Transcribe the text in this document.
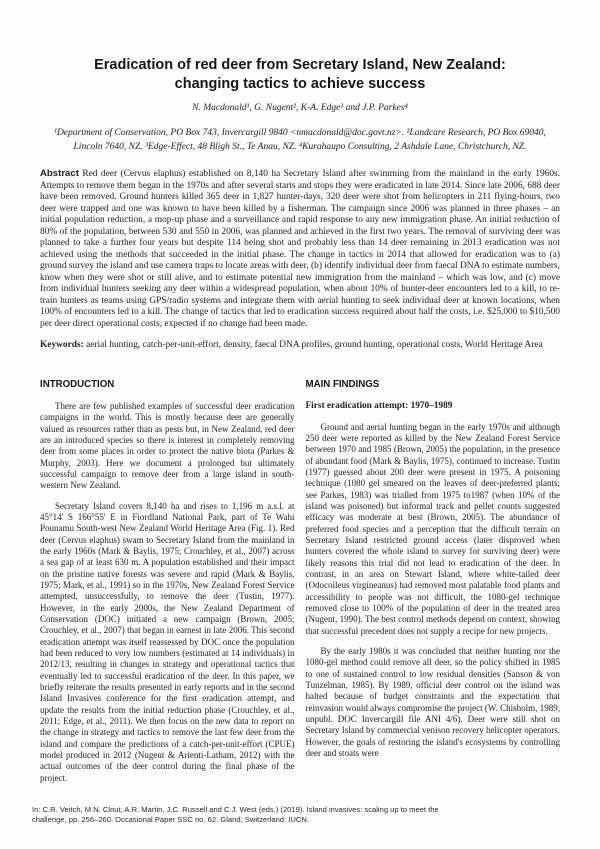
Eradication of red deer from Secretary Island, New Zealand: changing tactics to achieve success
N. Macdonald¹, G. Nugent², K-A. Edge³ and J.P. Parkes⁴
¹Department of Conservation, PO Box 743, Invercargill 9840 <nmacdonald@doc.govt.nz>. ²Landcare Research, PO Box 69040, Lincoln 7640, NZ. ³Edge-Effect, 48 Bligh St., Te Anau, NZ. ⁴Kurahaupo Consulting, 2 Ashdale Lane, Christchurch, NZ.
Abstract Red deer (Cervus elaphus) established on 8,140 ha Secretary Island after swimming from the mainland in the early 1960s. Attempts to remove them began in the 1970s and after several starts and stops they were eradicated in late 2014. Since late 2006, 688 deer have been removed. Ground hunters killed 365 deer in 1,827 hunter-days, 320 deer were shot from helicopters in 211 flying-hours, two deer were trapped and one was known to have been killed by a fisherman. The campaign since 2006 was planned in three phases – an initial population reduction, a mop-up phase and a surveillance and rapid response to any new immigration phase. An initial reduction of 80% of the population, between 530 and 550 in 2006, was planned and achieved in the first two years. The removal of surviving deer was planned to take a further four years but despite 114 being shot and probably less than 14 deer remaining in 2013 eradication was not achieved using the methods that succeeded in the initial phase. The change in tactics in 2014 that allowed for eradication was to (a) ground survey the island and use camera traps to locate areas with deer, (b) identify individual deer from faecal DNA to estimate numbers, know when they were shot or still alive, and to estimate potential new immigration from the mainland – which was low, and (c) move from individual hunters seeking any deer within a widespread population, when about 10% of hunter-deer encounters led to a kill, to re-train hunters as teams using GPS/radio systems and integrate them with aerial hunting to seek individual deer at known locations, when 100% of encounters led to a kill. The change of tactics that led to eradication success required about half the costs, i.e. $25,000 to $10,500 per deer direct operational costs, expected if no change had been made.
Keywords: aerial hunting, catch-per-unit-effort, density, faecal DNA profiles, ground hunting, operational costs, World Heritage Area
INTRODUCTION

There are few published examples of successful deer eradication campaigns in the world. This is mostly because deer are generally valued as resources rather than as pests but, in New Zealand, red deer are an introduced species so there is interest in completely removing deer from some places in order to protect the native biota (Parkes & Murphy, 2003). Here we document a prolonged but ultimately successful campaign to remove deer from a large island in south-western New Zealand.

Secretary Island covers 8,140 ha and rises to 1,196 m a.s.l. at 45°14' S 166°55' E in Fiordland National Park, part of Te Wahi Pounamu South-west New Zealand World Heritage Area (Fig. 1). Red deer (Cervus elaphus) swam to Secretary Island from the mainland in the early 1960s (Mark & Baylis, 1975; Crouchley, et al., 2007) across a sea gap of at least 630 m. A population established and their impact on the pristine native forests was severe and rapid (Mark & Baylis, 1975; Mark, et al., 1991) so in the 1970s, New Zealand Forest Service attempted, unsuccessfully, to remove the deer (Tustin, 1977). However, in the early 2000s, the New Zealand Department of Conservation (DOC) initiated a new campaign (Brown, 2005; Crouchley, et al., 2007) that began in earnest in late 2006. This second eradication attempt was itself reassessed by DOC once the population had been reduced to very low numbers (estimated at 14 individuals) in 2012/13, resulting in changes in strategy and operational tactics that eventually led to successful eradication of the deer. In this paper, we briefly reiterate the results presented in early reports and in the second Island Invasives conference for the first eradication attempt, and update the results from the initial reduction phase (Crouchley, et al., 2011; Edge, et al., 2011). We then focus on the new data to report on the change in strategy and tactics to remove the last few deer from the island and compare the predictions of a catch-per-unit-effort (CPUE) model produced in 2012 (Nugent & Arienti-Latham, 2012) with the actual outcomes of the deer control during the final phase of the project.

MAIN FINDINGS
First eradication attempt: 1970–1989

Ground and aerial hunting began in the early 1970s and although 250 deer were reported as killed by the New Zealand Forest Service between 1970 and 1985 (Brown, 2005) the population, in the presence of abundant food (Mark & Baylis, 1975), continued to increase. Tustin (1977) guessed about 200 deer were present in 1975. A poisoning technique (1080 gel smeared on the leaves of deer-preferred plants; see Parkes, 1983) was trialled from 1975 to1987 (when 10% of the island was poisoned) but informal track and pellet counts suggested efficacy was moderate at best (Brown, 2005). The abundance of preferred food species and a perception that the difficult terrain on Secretary Island restricted ground access (later disproved when hunters covered the whole island to survey for surviving deer) were likely reasons this trial did not lead to eradication of the deer. In contrast, in an area on Stewart Island, where white-tailed deer (Odocoileus virgineanus) had removed most palatable food plants and accessibility to people was not difficult, the 1080-gel technique removed close to 100% of the population of deer in the treated area (Nugent, 1990). The best control methods depend on context, showing that successful precedent does not supply a recipe for new projects.

By the early 1980s it was concluded that neither hunting nor the 1080-gel method could remove all deer, so the policy shifted in 1985 to one of sustained control to low residual densities (Sanson & von Tunzelman, 1985). By 1989, official deer control on the island was halted because of budget constraints and the expectation that reinvasion would always compromise the project (W. Chisholm, 1989, unpubl. DOC Invercargill file ANI 4/6). Deer were still shot on Secretary Island by commercial venison recovery helicopter operators. However, the goals of restoring the island's ecosystems by controlling deer and stoats were

In: C.R. Veitch, M.N. Clout, A.R. Martin, J.C. Russell and C.J. West (eds.) (2019). Island invasives: scaling up to meet the challenge, pp. 256–260. Occasional Paper SSC no. 62. Gland, Switzerland: IUCN.
